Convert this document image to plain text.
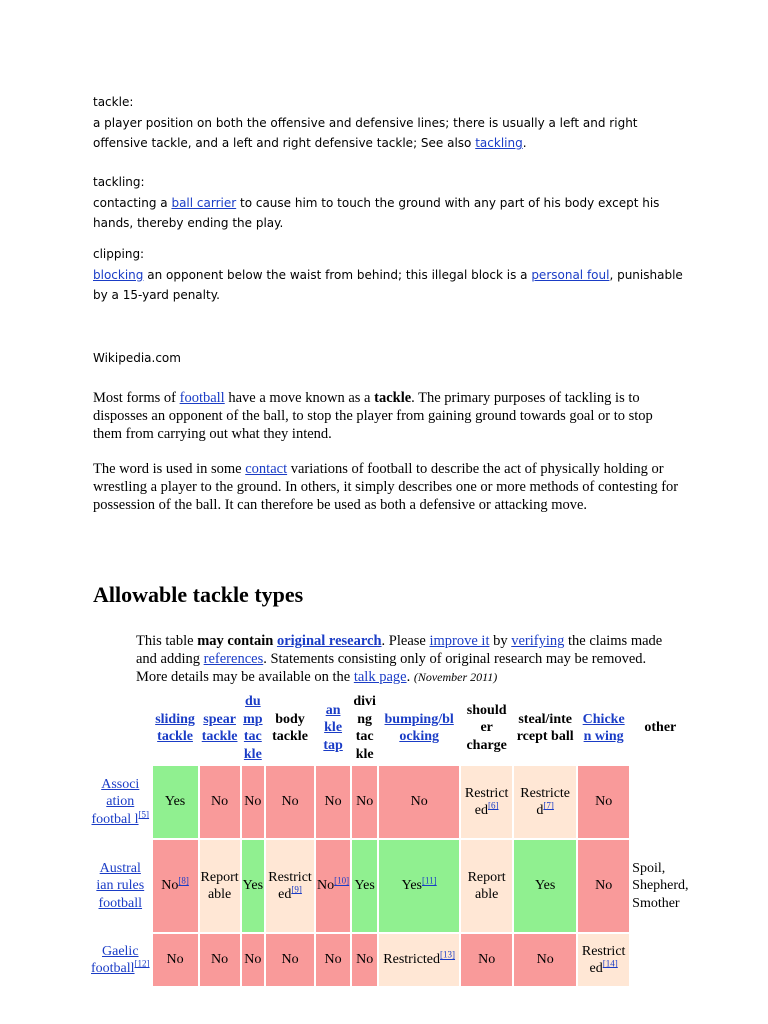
tackle:
a player position on both the offensive and defensive lines; there is usually a left and right offensive tackle, and a left and right defensive tackle; See also tackling.
tackling:
contacting a ball carrier to cause him to touch the ground with any part of his body except his hands, thereby ending the play.
clipping:
blocking an opponent below the waist from behind; this illegal block is a personal foul, punishable by a 15-yard penalty.
Wikipedia.com
Most forms of football have a move known as a tackle. The primary purposes of tackling is to disposses an opponent of the ball, to stop the player from gaining ground towards goal or to stop them from carrying out what they intend.
The word is used in some contact variations of football to describe the act of physically holding or wrestling a player to the ground. In others, it simply describes one or more methods of contesting for possession of the ball. It can therefore be used as both a defensive or attacking move.
Allowable tackle types
This table may contain original research. Please improve it by verifying the claims made and adding references. Statements consisting only of original research may be removed. More details may be available on the talk page. (November 2011)
	sliding tackle	spear tackle	du mp tac kle	body tackle	an kle tap	divi ng tac kle	bumping/bl ocking	should er charge	steal/inte rcept ball	Chicke n wing	other
Associ ation footbal l[5]	Yes	No	No	No	No	No	No	Restrict ed[6]	Restricte d[7]	No	
Austral ian rules football	No[8]	Report able	Yes	Restrict ed[9]	No[10]	Yes	Yes[11]	Report able	Yes	No	Spoil, Shepherd, Smother
Gaelic football[12]	No	No	No	No	No	No	Restricted[13]	No	No	Restrict ed[14]	
